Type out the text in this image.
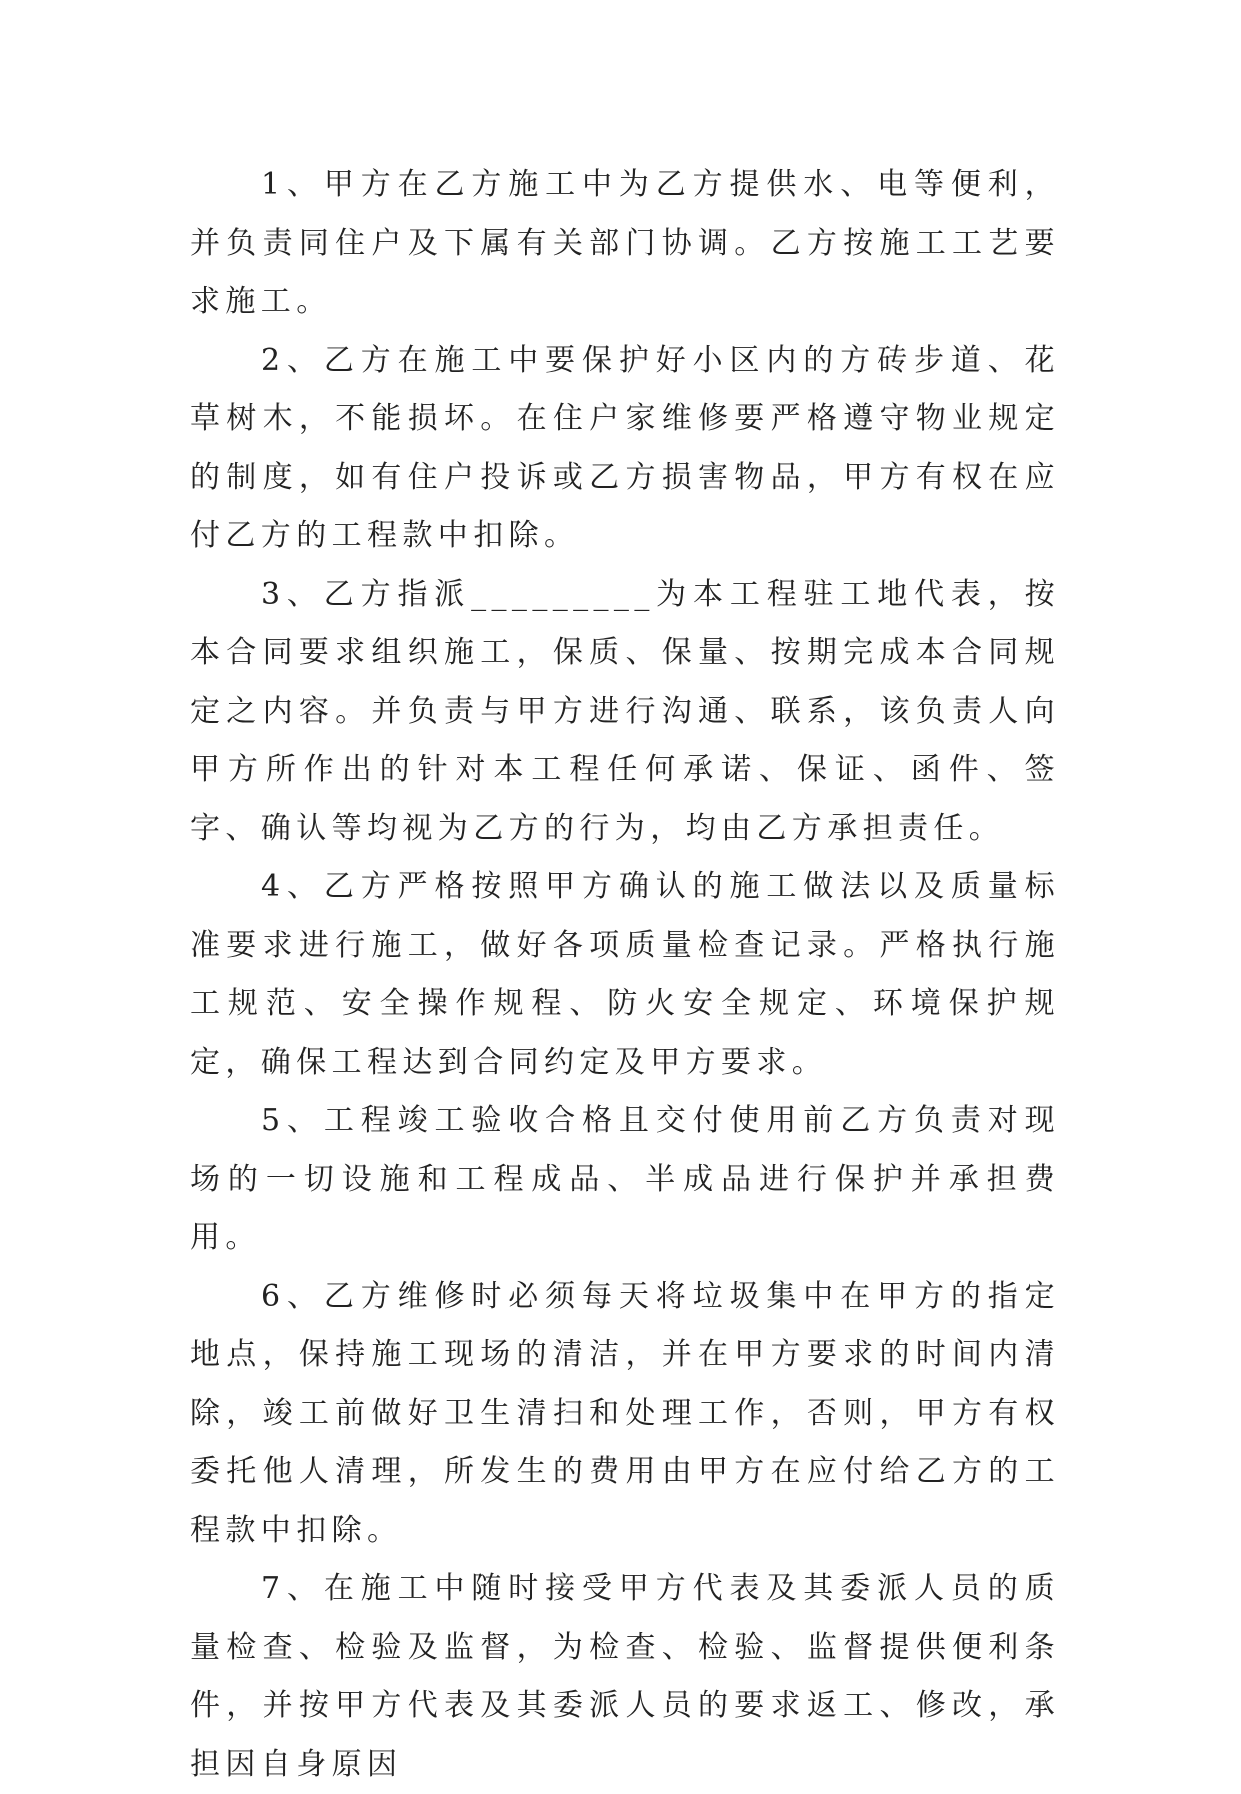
1、甲方在乙方施工中为乙方提供水、电等便利，并负责同住户及下属有关部门协调。乙方按施工工艺要求施工。

2、乙方在施工中要保护好小区内的方砖步道、花草树木，不能损坏。在住户家维修要严格遵守物业规定的制度，如有住户投诉或乙方损害物品，甲方有权在应付乙方的工程款中扣除。

3、乙方指派_________为本工程驻工地代表，按本合同要求组织施工，保质、保量、按期完成本合同规定之内容。并负责与甲方进行沟通、联系，该负责人向甲方所作出的针对本工程任何承诺、保证、函件、签字、确认等均视为乙方的行为，均由乙方承担责任。

4、乙方严格按照甲方确认的施工做法以及质量标准要求进行施工，做好各项质量检查记录。严格执行施工规范、安全操作规程、防火安全规定、环境保护规定，确保工程达到合同约定及甲方要求。

5、工程竣工验收合格且交付使用前乙方负责对现场的一切设施和工程成品、半成品进行保护并承担费用。

6、乙方维修时必须每天将垃圾集中在甲方的指定地点，保持施工现场的清洁，并在甲方要求的时间内清除，竣工前做好卫生清扫和处理工作，否则，甲方有权委托他人清理，所发生的费用由甲方在应付给乙方的工程款中扣除。

7、在施工中随时接受甲方代表及其委派人员的质量检查、检验及监督，为检查、检验、监督提供便利条件，并按甲方代表及其委派人员的要求返工、修改，承担因自身原因
